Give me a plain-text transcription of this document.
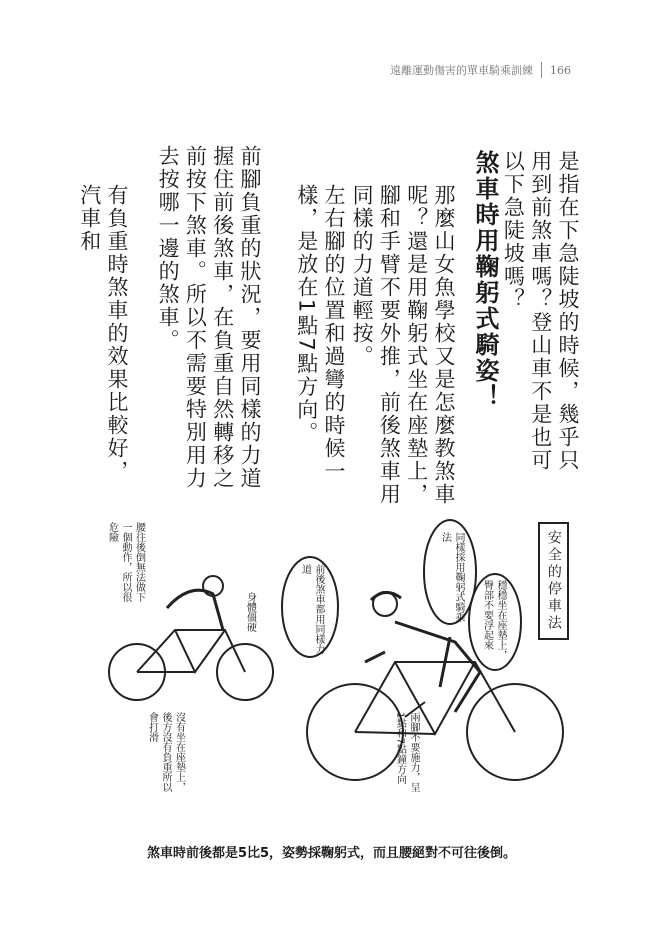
遠離運動傷害的單車騎乘訓練 166
是指在下急陡坡的時候，幾乎只用到前煞車嗎？登山車不是也可以下急陡坡嗎？
煞車時用鞠躬式騎姿！
那麼山女魚學校又是怎麼教煞車呢？還是用鞠躬式坐在座墊上，腳和手臂不要外推，前後煞車用同樣的力道輕按。
左右腳的位置和過彎的時候一樣，是放在1點7點方向。
前腳負重的狀況，要用同樣的力道握住前後煞車，在負重自然轉移之前按下煞車。所以不需要特別用力去按哪一邊的煞車。
有負重時煞車的效果比較好，汽車和
安全的停車法
同樣採用鞠躬式騎乘法
前後煞車都用同樣力道
穩穩坐在座墊上，臀部不要浮起來
兩腳不要施力，呈1點和7點鐘方向
腰往後倒無法做下一個動作，所以很危險
身體僵硬
沒有坐在座墊上，後方沒有負重所以會打滑
煞車時前後都是5比5，姿勢採鞠躬式，而且腰絕對不可往後倒。
